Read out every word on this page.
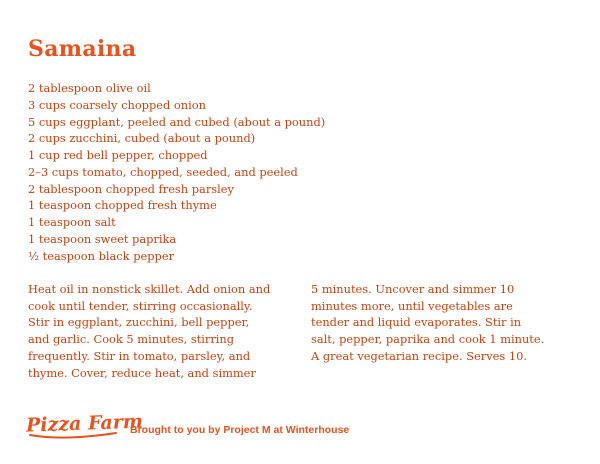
Samaina
2 tablespoon olive oil
3 cups coarsely chopped onion
5 cups eggplant, peeled and cubed (about a pound)
2 cups zucchini, cubed (about a pound)
1 cup red bell pepper, chopped
2–3 cups tomato, chopped, seeded, and peeled
2 tablespoon chopped fresh parsley
1 teaspoon chopped fresh thyme
1 teaspoon salt
1 teaspoon sweet paprika
½ teaspoon black pepper

Heat oil in nonstick skillet. Add onion and
cook until tender, stirring occasionally.
Stir in eggplant, zucchini, bell pepper,
and garlic. Cook 5 minutes, stirring
frequently. Stir in tomato, parsley, and
thyme. Cover, reduce heat, and simmer

5 minutes. Uncover and simmer 10
minutes more, until vegetables are
tender and liquid evaporates. Stir in
salt, pepper, paprika and cook 1 minute.
A great vegetarian recipe. Serves 10.

Pizza Farm
Brought to you by Project M at Winterhouse
